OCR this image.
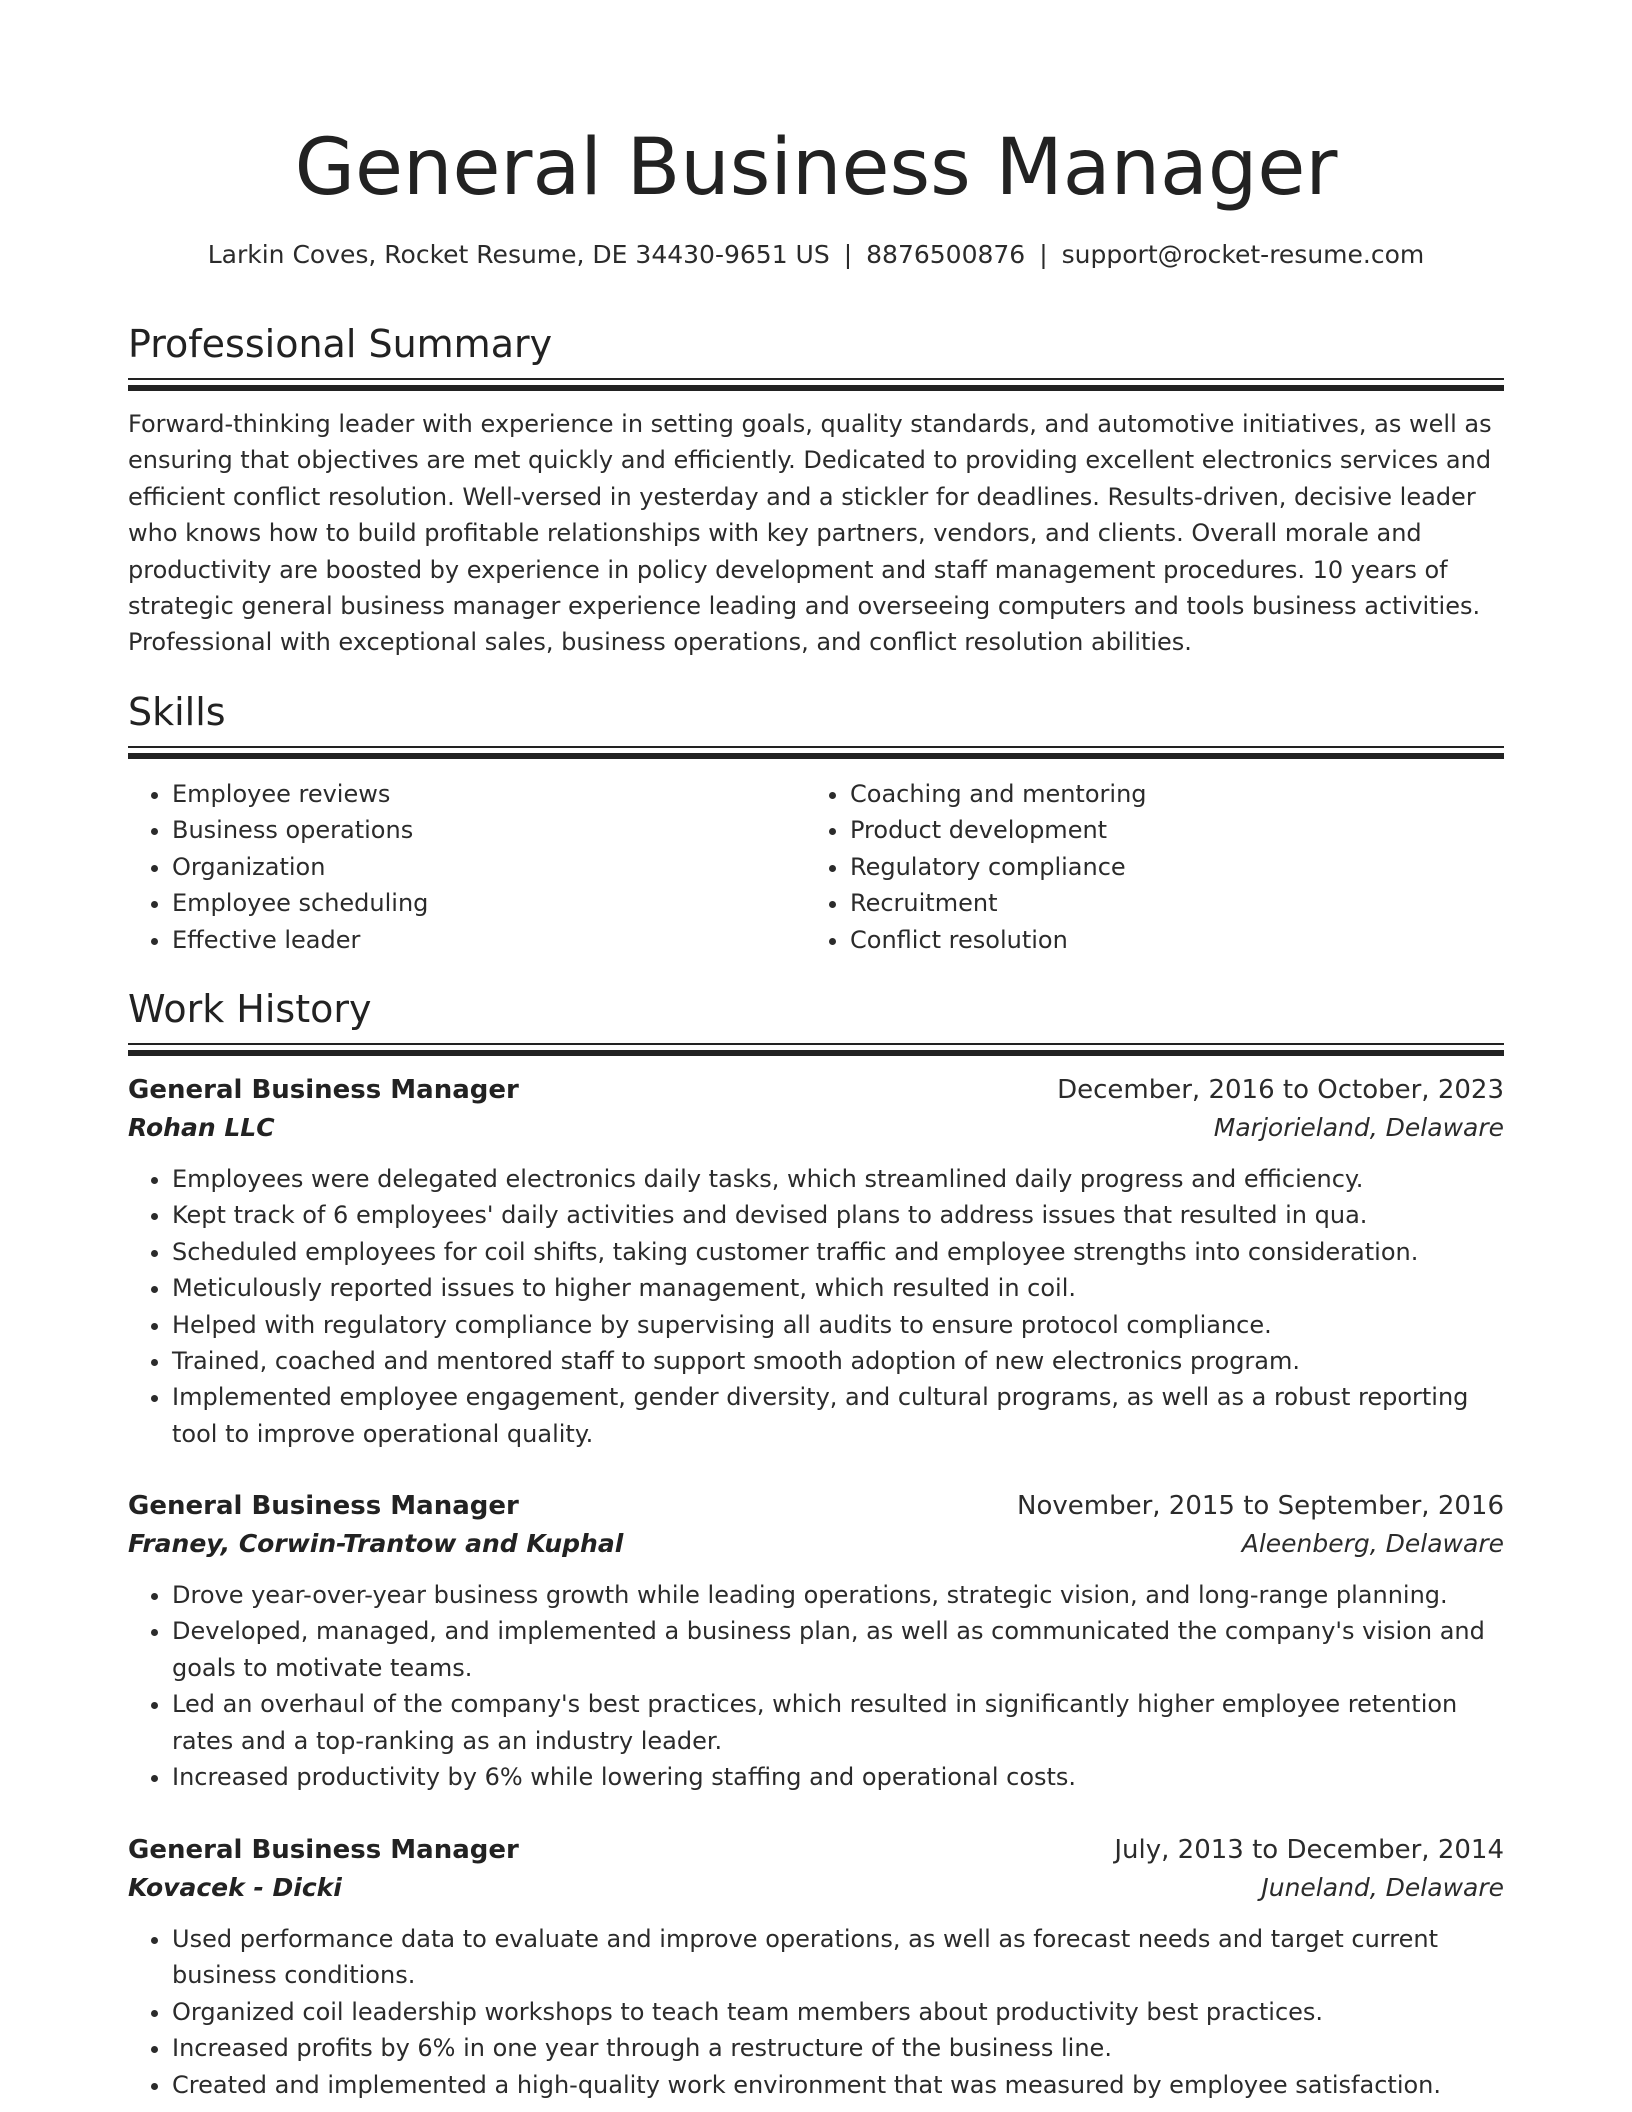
General Business Manager
Larkin Coves, Rocket Resume, DE 34430-9651 US | 8876500876 | support@rocket-resume.com
Professional Summary

Forward-thinking leader with experience in setting goals, quality standards, and automotive initiatives, as well as ensuring that objectives are met quickly and efficiently. Dedicated to providing excellent electronics services and efficient conflict resolution. Well-versed in yesterday and a stickler for deadlines. Results-driven, decisive leader who knows how to build profitable relationships with key partners, vendors, and clients. Overall morale and productivity are boosted by experience in policy development and staff management procedures. 10 years of strategic general business manager experience leading and overseeing computers and tools business activities. Professional with exceptional sales, business operations, and conflict resolution abilities.

Skills
• Employee reviews
• Business operations
• Organization
• Employee scheduling
• Effective leader
• Coaching and mentoring
• Product development
• Regulatory compliance
• Recruitment
• Conflict resolution
Work History
General Business Manager	December, 2016 to October, 2023
Rohan LLC	Marjorieland, Delaware
• Employees were delegated electronics daily tasks, which streamlined daily progress and efficiency.
• Kept track of 6 employees' daily activities and devised plans to address issues that resulted in qua.
• Scheduled employees for coil shifts, taking customer traffic and employee strengths into consideration.
• Meticulously reported issues to higher management, which resulted in coil.
• Helped with regulatory compliance by supervising all audits to ensure protocol compliance.
• Trained, coached and mentored staff to support smooth adoption of new electronics program.
• Implemented employee engagement, gender diversity, and cultural programs, as well as a robust reporting tool to improve operational quality.
General Business Manager	November, 2015 to September, 2016
Franey, Corwin-Trantow and Kuphal	Aleenberg, Delaware
• Drove year-over-year business growth while leading operations, strategic vision, and long-range planning.
• Developed, managed, and implemented a business plan, as well as communicated the company's vision and goals to motivate teams.
• Led an overhaul of the company's best practices, which resulted in significantly higher employee retention rates and a top-ranking as an industry leader.
• Increased productivity by 6% while lowering staffing and operational costs.
General Business Manager	July, 2013 to December, 2014
Kovacek - Dicki	Juneland, Delaware
• Used performance data to evaluate and improve operations, as well as forecast needs and target current business conditions.
• Organized coil leadership workshops to teach team members about productivity best practices.
• Increased profits by 6% in one year through a restructure of the business line.
• Created and implemented a high-quality work environment that was measured by employee satisfaction.
